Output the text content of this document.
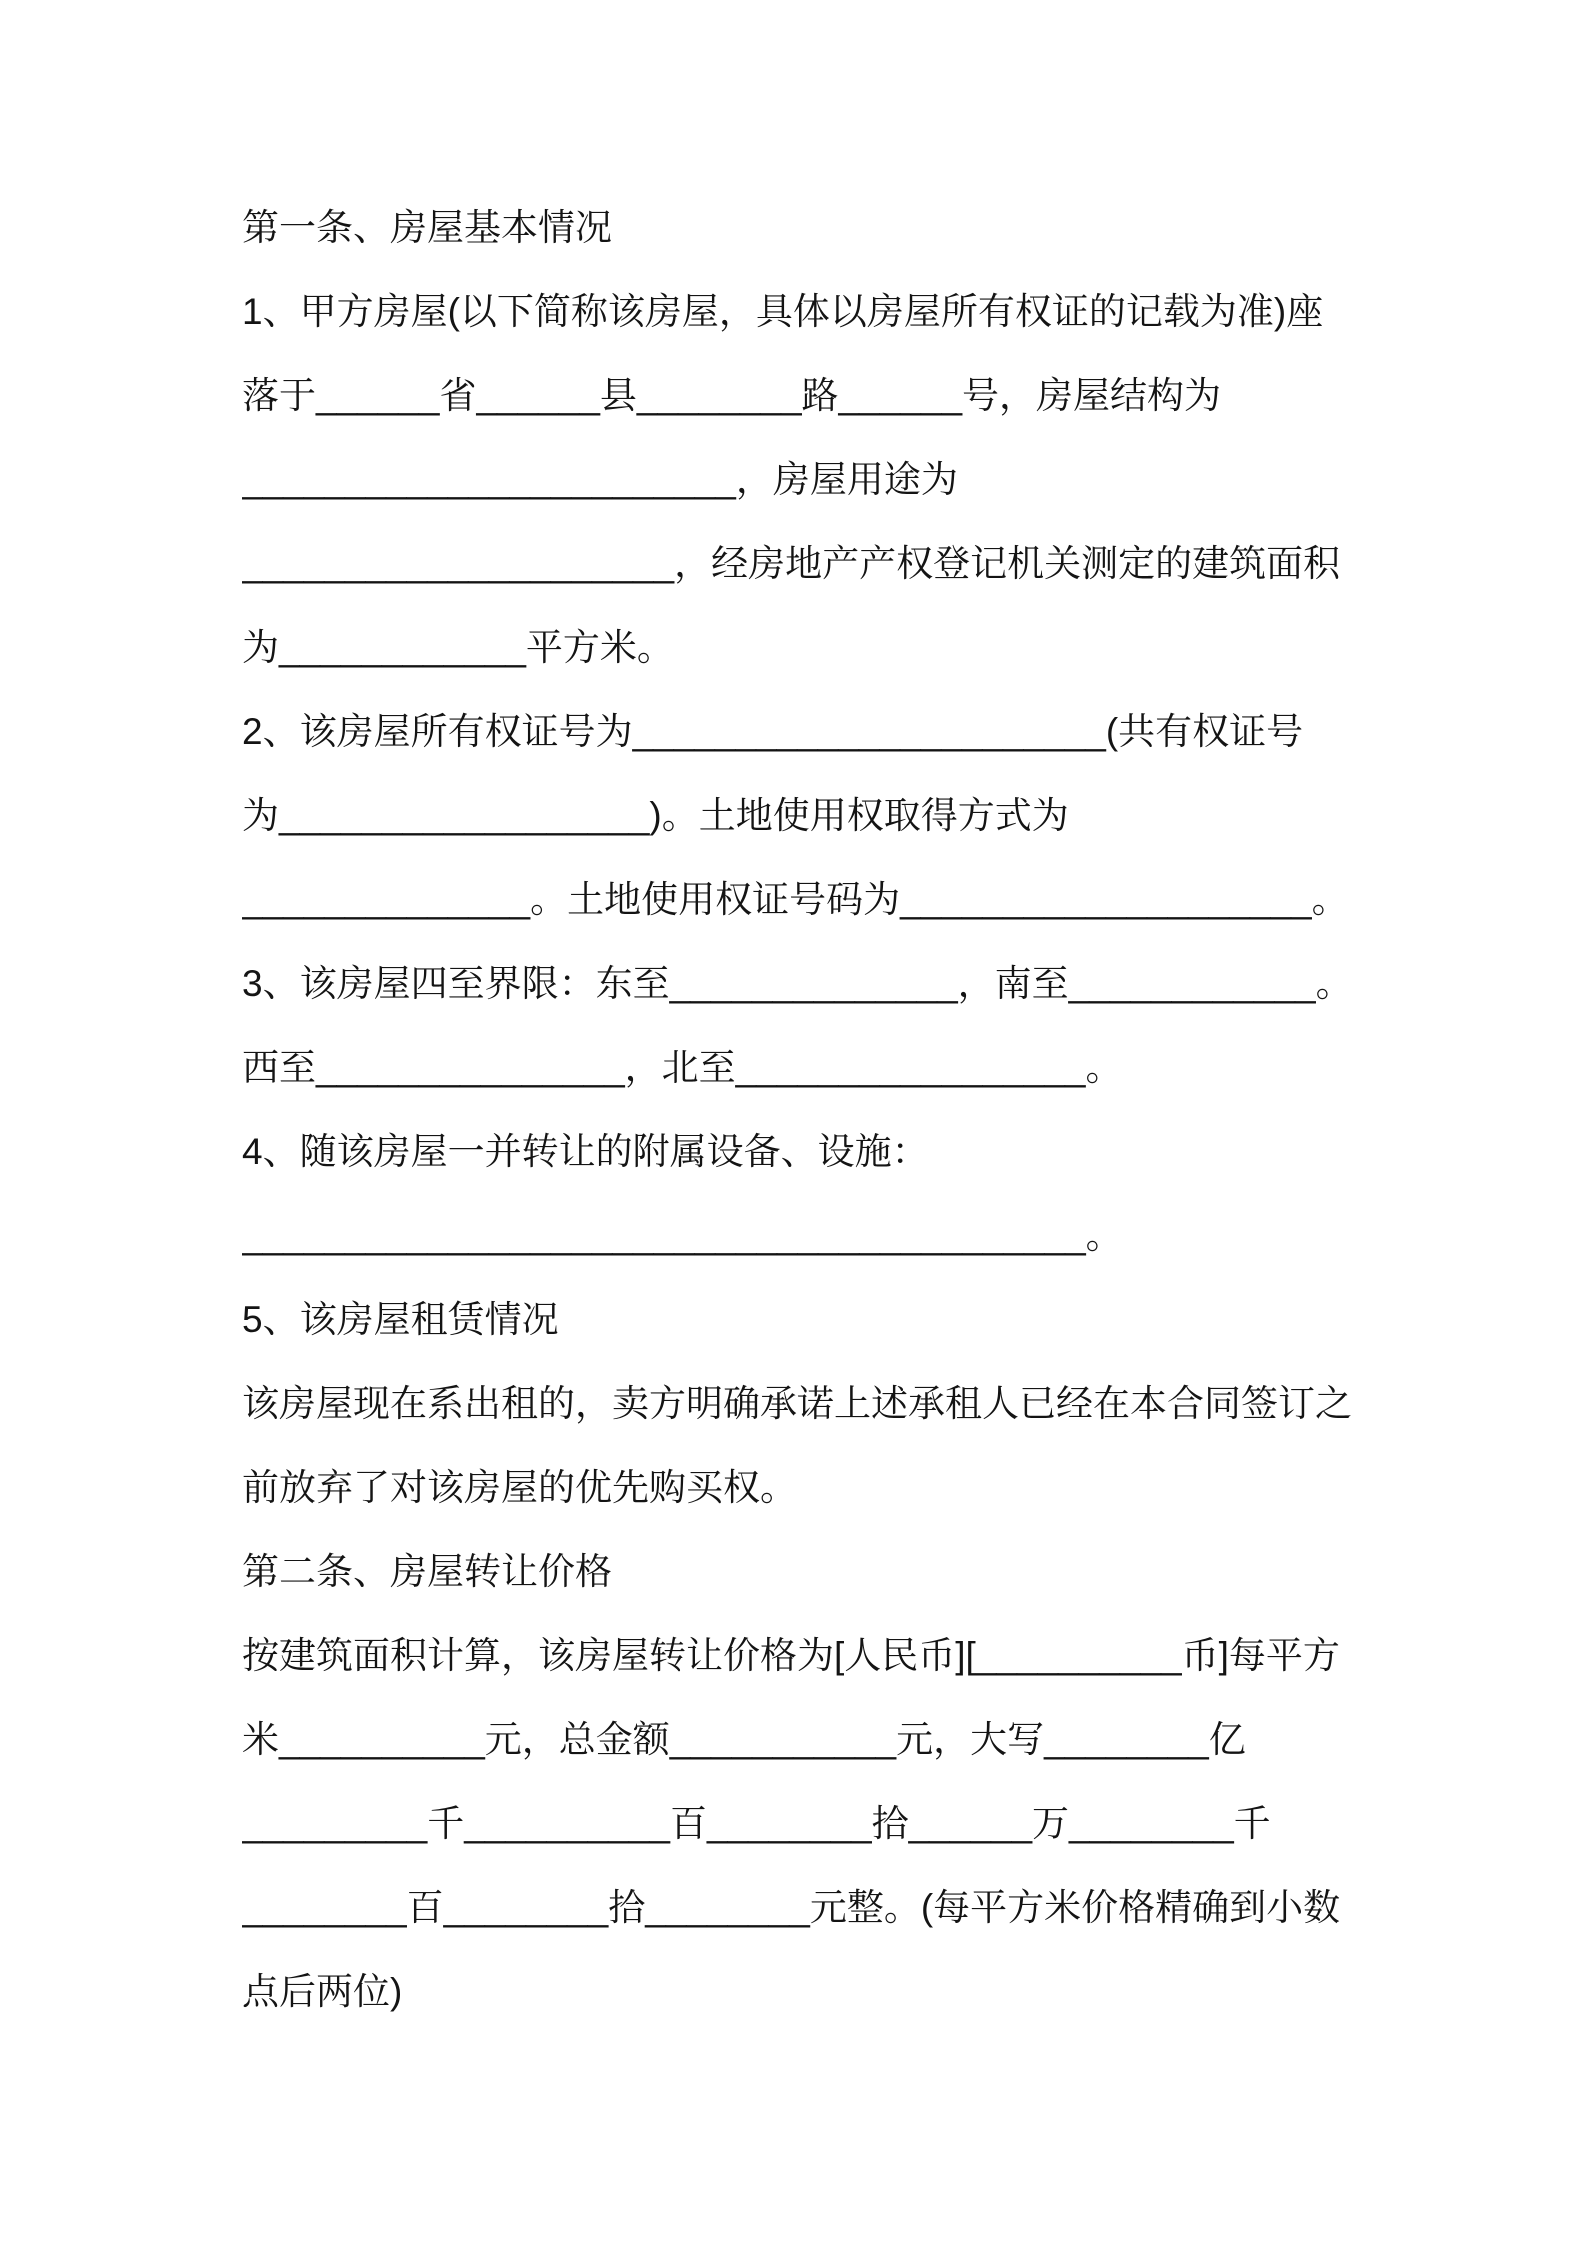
第一条、房屋基本情况
1、甲方房屋(以下简称该房屋，具体以房屋所有权证的记载为准)座
落于______省______县________路______号，房屋结构为
________________________，房屋用途为
_____________________，经房地产产权登记机关测定的建筑面积
为____________平方米。
2、该房屋所有权证号为_______________________(共有权证号
为__________________)。土地使用权取得方式为
______________。土地使用权证号码为____________________。
3、该房屋四至界限：东至______________，南至____________。
西至_______________，北至_________________。
4、随该房屋一并转让的附属设备、设施：
_________________________________________。
5、该房屋租赁情况
该房屋现在系出租的，卖方明确承诺上述承租人已经在本合同签订之
前放弃了对该房屋的优先购买权。
第二条、房屋转让价格
按建筑面积计算，该房屋转让价格为[人民币][__________币]每平方
米__________元，总金额___________元，大写________亿
_________千__________百________拾______万________千
________百________拾________元整。(每平方米价格精确到小数
点后两位)
